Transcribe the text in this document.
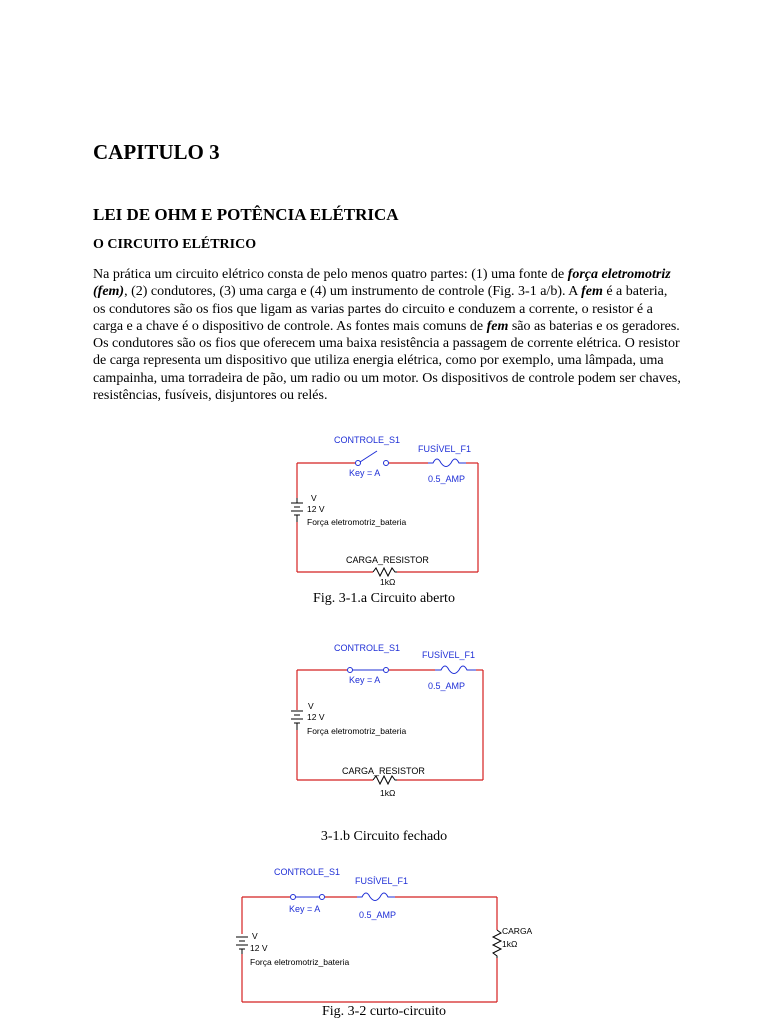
CAPITULO 3
LEI DE OHM E POTÊNCIA ELÉTRICA
O CIRCUITO ELÉTRICO
Na prática um circuito elétrico consta de pelo menos quatro partes: (1) uma fonte de força eletromotriz (fem), (2) condutores, (3) uma carga e (4) um instrumento de controle (Fig. 3-1 a/b). A fem é a bateria, os condutores são os fios que ligam as varias partes do circuito e conduzem a corrente, o resistor é a carga e a chave é o dispositivo de controle. As fontes mais comuns de fem são as baterias e os geradores. Os condutores são os fios que oferecem uma baixa resistência a passagem de corrente elétrica. O resistor de carga representa um dispositivo que utiliza energia elétrica, como por exemplo, uma lâmpada, uma campainha, uma torradeira de pão, um radio ou um motor. Os dispositivos de controle podem ser chaves, resistências, fusíveis, disjuntores ou relés.
CONTROLE_S1
Key = A
FUSÍVEL_F1
0.5_AMP
V
12 V
Força eletromotriz_bateria
CARGA_RESISTOR
1kΩ
Fig. 3-1.a Circuito aberto
CONTROLE_S1
Key = A
FUSÍVEL_F1
0.5_AMP
V
12 V
Força eletromotriz_bateria
CARGA_RESISTOR
1kΩ
3-1.b Circuito fechado
CONTROLE_S1
Key = A
FUSÍVEL_F1
0.5_AMP
V
12 V
Força eletromotriz_bateria
CARGA
1kΩ
Fig. 3-2 curto-circuito
